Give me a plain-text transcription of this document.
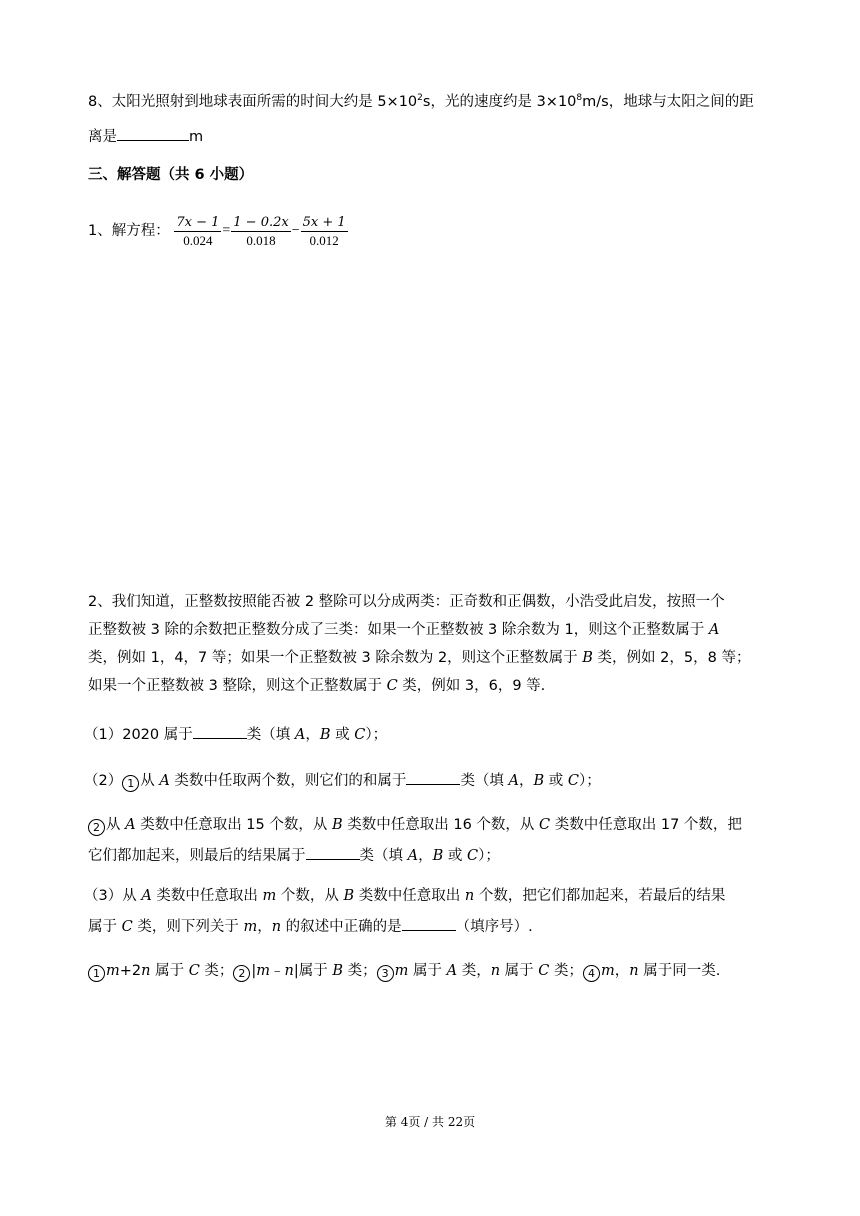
8、太阳光照射到地球表面所需的时间大约是 $5\times 10^2s$，光的速度约是 $3\times 10^8m/s$，地球与太阳之间的距
离是	m
三、解答题（共 6 小题）
1、解方程： $\frac{7x - 1}{0.024} = \frac{1 - 0.2x}{0.018} - \frac{5x + 1}{0.012}$
2、我们知道，正整数按照能否被 2 整除可以分成两类：正奇数和正偶数，小浩受此启发，按照一个
正整数被 3 除的余数把正整数分成了三类：如果一个正整数被 3 除余数为 1，则这个正整数属于 A
类，例如 1，4，7 等；如果一个正整数被 3 除余数为 2，则这个正整数属于 B 类，例如 2，5，8 等；
如果一个正整数被 3 整除，则这个正整数属于 C 类，例如 3，6，9 等.
（1）2020 属于	类（填 A，B 或 C）；
（2） 1 从 A 类数中任取两个数，则它们的和属于	类（填 A，B 或 C）；
2 从 A 类数中任意取出 15 个数，从 B 类数中任意取出 16 个数，从 C 类数中任意取出 17 个数，把
它们都加起来，则最后的结果属于	类（填 A，B 或 C）；
（3）从 A 类数中任意取出 m 个数，从 B 类数中任意取出 n 个数，把它们都加起来，若最后的结果
属于 C 类，则下列关于 m，n 的叙述中正确的是	（填序号）.
1 m+2n 属于 C 类； 2 |m﹣n|属于 B 类； 3 m 属于 A 类，n 属于 C 类； 4 m，n 属于同一类.
第 4页 / 共 22页
